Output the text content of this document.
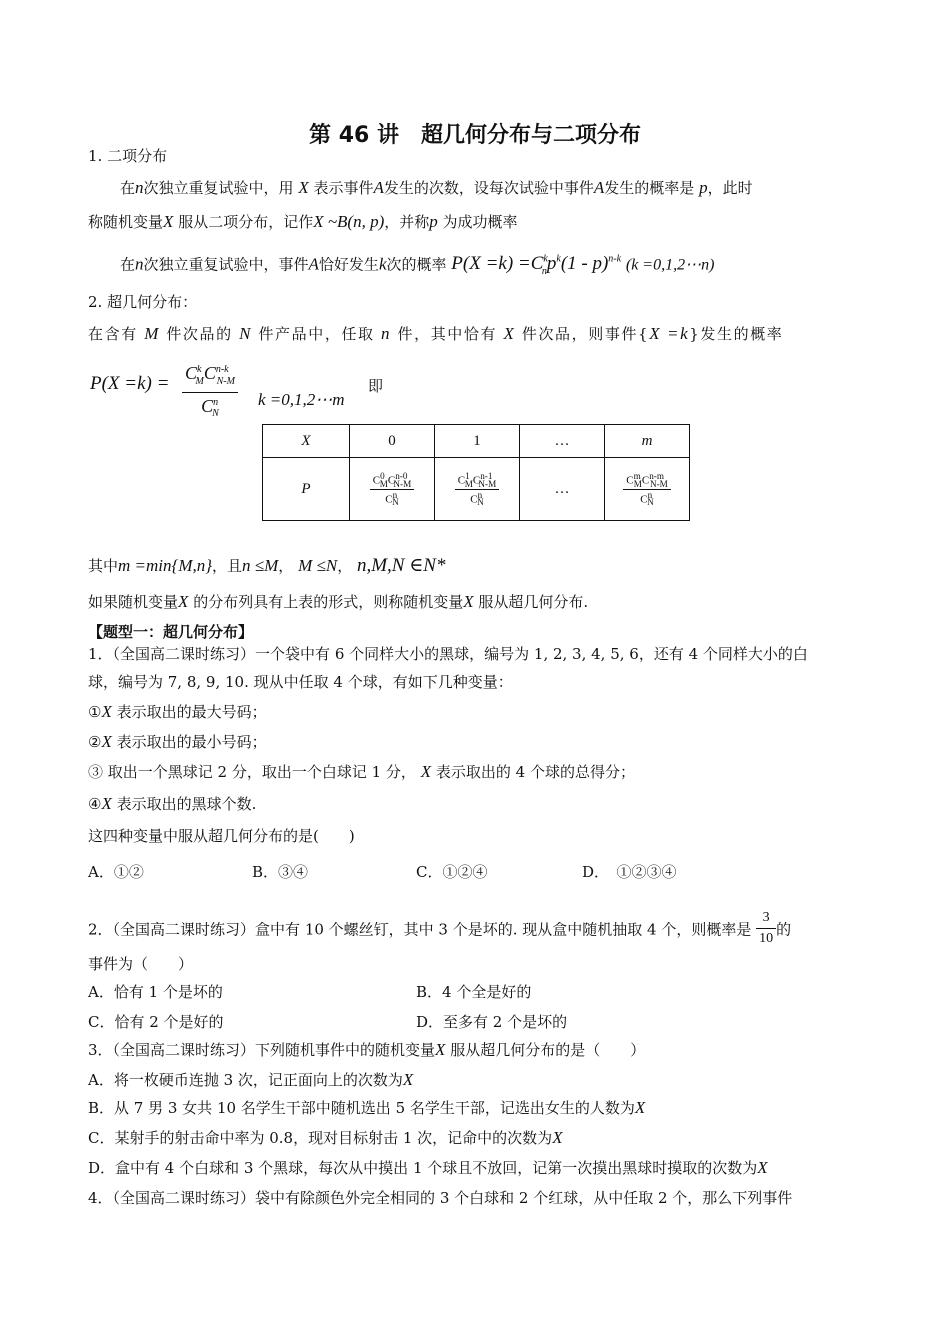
第 46 讲　超几何分布与二项分布
1. 二项分布
在n次独立重复试验中，用 X 表示事件A发生的次数，设每次试验中事件A发生的概率是 p，此时
称随机变量X 服从二项分布，记作X ~B(n, p)，并称p 为成功概率
在n次独立重复试验中，事件A恰好发生k次的概率 $P(X =k) =C^k_np^k(1 - p)^{n-k}$ (k =0,1,2⋯n)
2. 超几何分布：
在含有 M 件次品的 N 件产品中，任取 n 件，其中恰有 X 件次品，则事件{X =k}发生的概率
$P(X =k) = C^k_MC^{n-k}_{N-M}$
$C^n_N$
k =0,1,2⋯m
即
X	0	1	…	m
P	$\frac{C^0_MC^{n-0}_{N-M}}{C^n_N}$	$\frac{C^1_MC^{n-1}_{N-M}}{C^n_N}$	…	$\frac{C^m_MC^{n-m}_{N-M}}{C^n_N}$
其中m =min{M,n}，且n ≤M， M ≤N， n,M,N ∈N*
如果随机变量X 的分布列具有上表的形式，则称随机变量X 服从超几何分布.
【题型一：超几何分布】
1．（全国高二课时练习）一个袋中有 6 个同样大小的黑球，编号为 1, 2, 3, 4, 5, 6，还有 4 个同样大小的白
球，编号为 7, 8, 9, 10. 现从中任取 4 个球，有如下几种变量：
①X 表示取出的最大号码；
②X 表示取出的最小号码；
③ 取出一个黑球记 2 分，取出一个白球记 1 分， X 表示取出的 4 个球的总得分；
④X 表示取出的黑球个数.
这四种变量中服从超几何分布的是(　　)
A．①②	B．③④	C．①②④	D．　①②③④
2．（全国高二课时练习）盒中有 10 个螺丝钉，其中 3 个是坏的. 现从盒中随机抽取 4 个，则概率是 $\frac{3}{10}$ 的
事件为（　　）
A．恰有 1 个是坏的	B．4 个全是好的
C．恰有 2 个是好的	D．至多有 2 个是坏的
3．（全国高二课时练习）下列随机事件中的随机变量X 服从超几何分布的是（　　）
A．将一枚硬币连抛 3 次，记正面向上的次数为X
B．从 7 男 3 女共 10 名学生干部中随机选出 5 名学生干部，记选出女生的人数为X
C．某射手的射击命中率为 0.8，现对目标射击 1 次，记命中的次数为X
D．盒中有 4 个白球和 3 个黑球，每次从中摸出 1 个球且不放回，记第一次摸出黑球时摸取的次数为X
4．（全国高二课时练习）袋中有除颜色外完全相同的 3 个白球和 2 个红球，从中任取 2 个，那么下列事件
